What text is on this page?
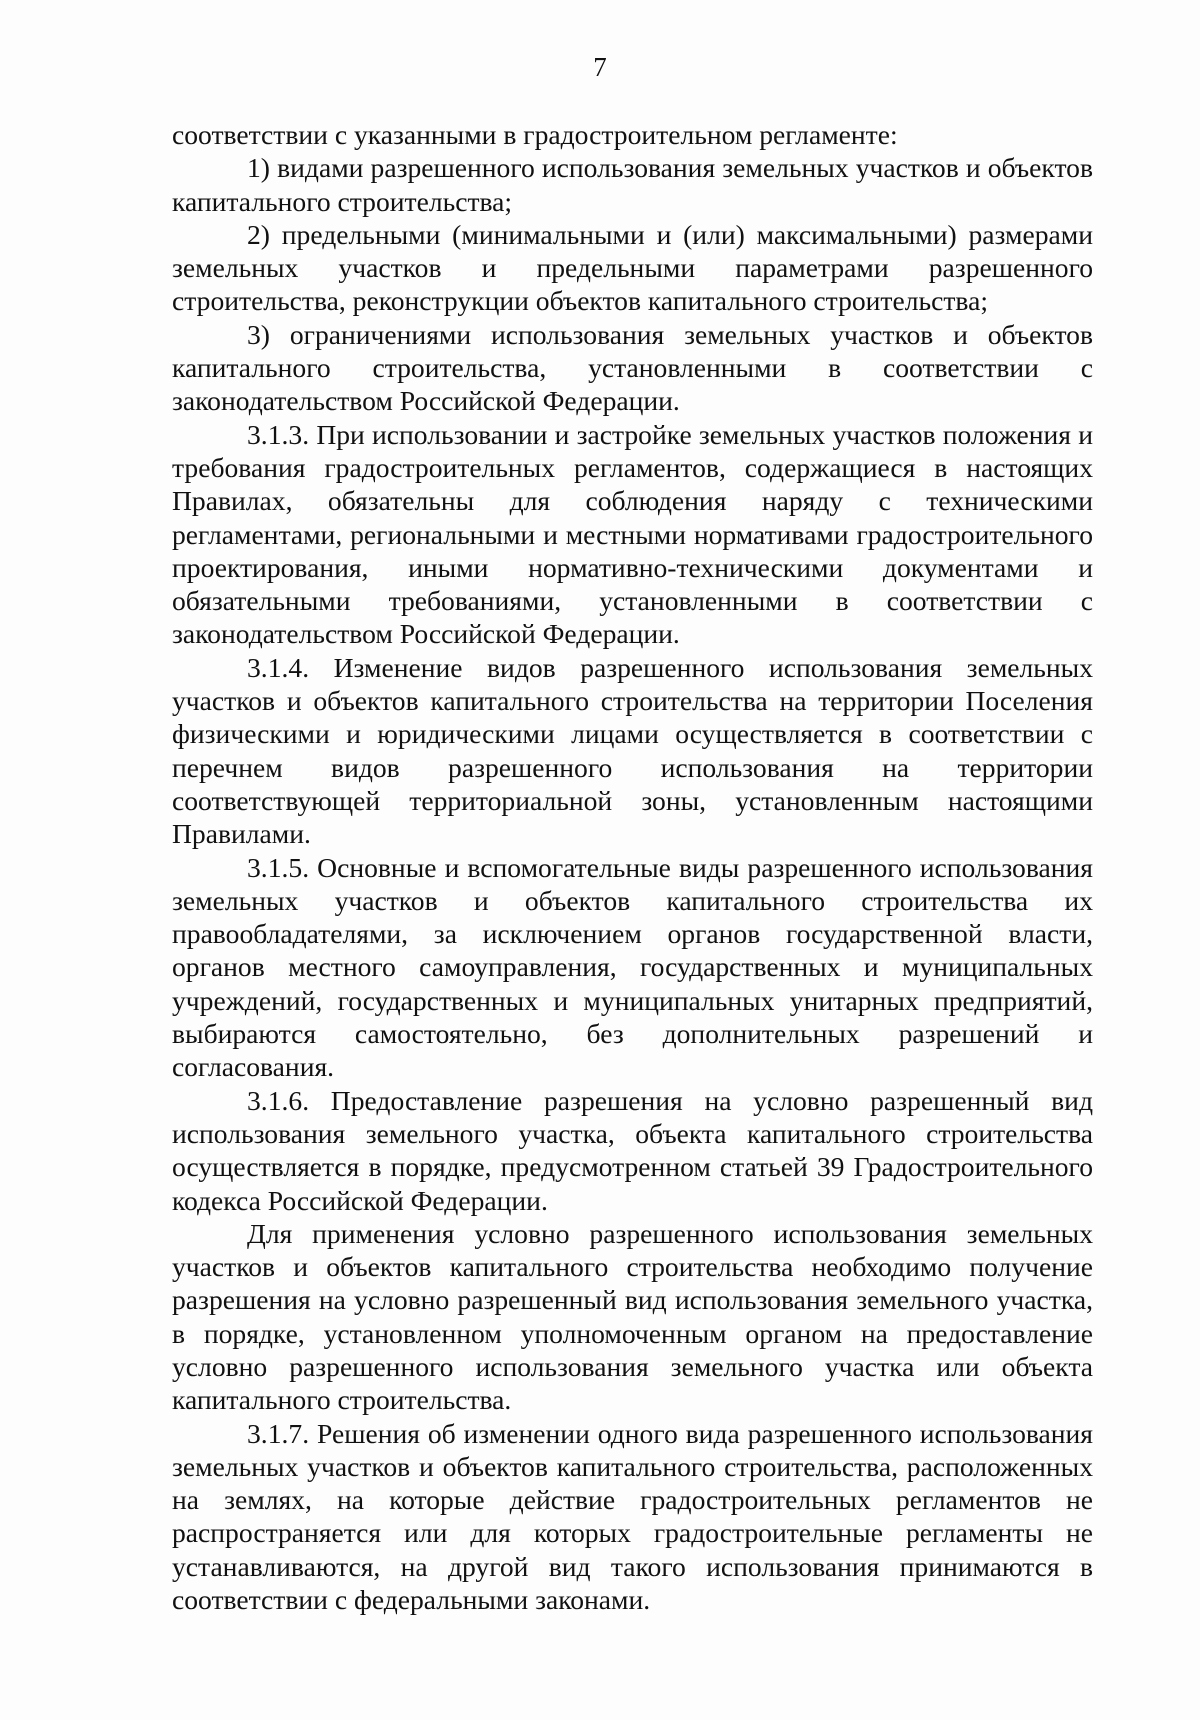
7

соответствии с указанными в градостроительном регламенте:

1) видами разрешенного использования земельных участков и объектов капитального строительства;

2) предельными (минимальными и (или) максимальными) размерами земельных участков и предельными параметрами разрешенного строительства, реконструкции объектов капитального строительства;

3) ограничениями использования земельных участков и объектов капитального строительства, установленными в соответствии с законодательством Российской Федерации.

3.1.3. При использовании и застройке земельных участков положения и требования градостроительных регламентов, содержащиеся в настоящих Правилах, обязательны для соблюдения наряду с техническими регламентами, региональными и местными нормативами градостроительного проектирования, иными нормативно-техническими документами и обязательными требованиями, установленными в соответствии с законодательством Российской Федерации.

3.1.4. Изменение видов разрешенного использования земельных участков и объектов капитального строительства на территории Поселения физическими и юридическими лицами осуществляется в соответствии с перечнем видов разрешенного использования на территории соответствующей территориальной зоны, установленным настоящими Правилами.

3.1.5. Основные и вспомогательные виды разрешенного использования земельных участков и объектов капитального строительства их правообладателями, за исключением органов государственной власти, органов местного самоуправления, государственных и муниципальных учреждений, государственных и муниципальных унитарных предприятий, выбираются самостоятельно, без дополнительных разрешений и согласования.

3.1.6. Предоставление разрешения на условно разрешенный вид использования земельного участка, объекта капитального строительства осуществляется в порядке, предусмотренном статьей 39 Градостроительного кодекса Российской Федерации.

Для применения условно разрешенного использования земельных участков и объектов капитального строительства необходимо получение разрешения на условно разрешенный вид использования земельного участка, в порядке, установленном уполномоченным органом на предоставление условно разрешенного использования земельного участка или объекта капитального строительства.

3.1.7. Решения об изменении одного вида разрешенного использования земельных участков и объектов капитального строительства, расположенных на землях, на которые действие градостроительных регламентов не распространяется или для которых градостроительные регламенты не устанавливаются, на другой вид такого использования принимаются в соответствии с федеральными законами.
